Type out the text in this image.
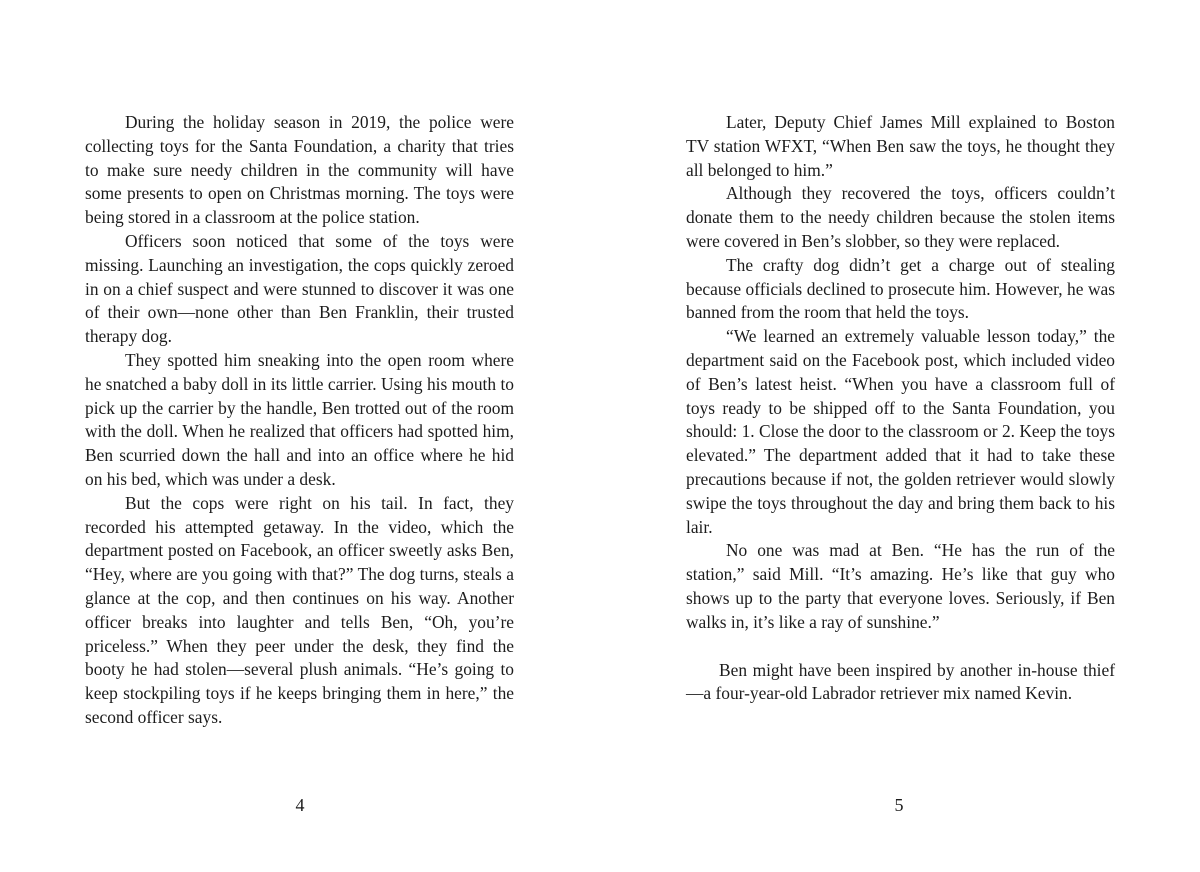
During the holiday season in 2019, the police were collecting toys for the Santa Foundation, a charity that tries to make sure needy children in the community will have some presents to open on Christmas morning. The toys were being stored in a classroom at the police station.

Officers soon noticed that some of the toys were missing. Launching an investigation, the cops quickly zeroed in on a chief suspect and were stunned to discover it was one of their own—none other than Ben Franklin, their trusted therapy dog.

They spotted him sneaking into the open room where he snatched a baby doll in its little carrier. Using his mouth to pick up the carrier by the handle, Ben trotted out of the room with the doll. When he realized that officers had spotted him, Ben scurried down the hall and into an office where he hid on his bed, which was under a desk.

But the cops were right on his tail. In fact, they recorded his attempted getaway. In the video, which the department posted on Facebook, an officer sweetly asks Ben, “Hey, where are you going with that?” The dog turns, steals a glance at the cop, and then continues on his way. Another officer breaks into laughter and tells Ben, “Oh, you’re priceless.” When they peer under the desk, they find the booty he had stolen—several plush animals. “He’s going to keep stockpiling toys if he keeps bringing them in here,” the second officer says.

4

Later, Deputy Chief James Mill explained to Boston TV station WFXT, “When Ben saw the toys, he thought they all belonged to him.”

Although they recovered the toys, officers couldn’t donate them to the needy children because the stolen items were covered in Ben’s slobber, so they were replaced.

The crafty dog didn’t get a charge out of stealing because officials declined to prosecute him. However, he was banned from the room that held the toys.

“We learned an extremely valuable lesson today,” the department said on the Facebook post, which included video of Ben’s latest heist. “When you have a classroom full of toys ready to be shipped off to the Santa Foundation, you should: 1. Close the door to the classroom or 2. Keep the toys elevated.” The department added that it had to take these precautions because if not, the golden retriever would slowly swipe the toys throughout the day and bring them back to his lair.

No one was mad at Ben. “He has the run of the station,” said Mill. “It’s amazing. He’s like that guy who shows up to the party that everyone loves. Seriously, if Ben walks in, it’s like a ray of sunshine.”

Ben might have been inspired by another in-house thief—a four-year-old Labrador retriever mix named Kevin.

5
